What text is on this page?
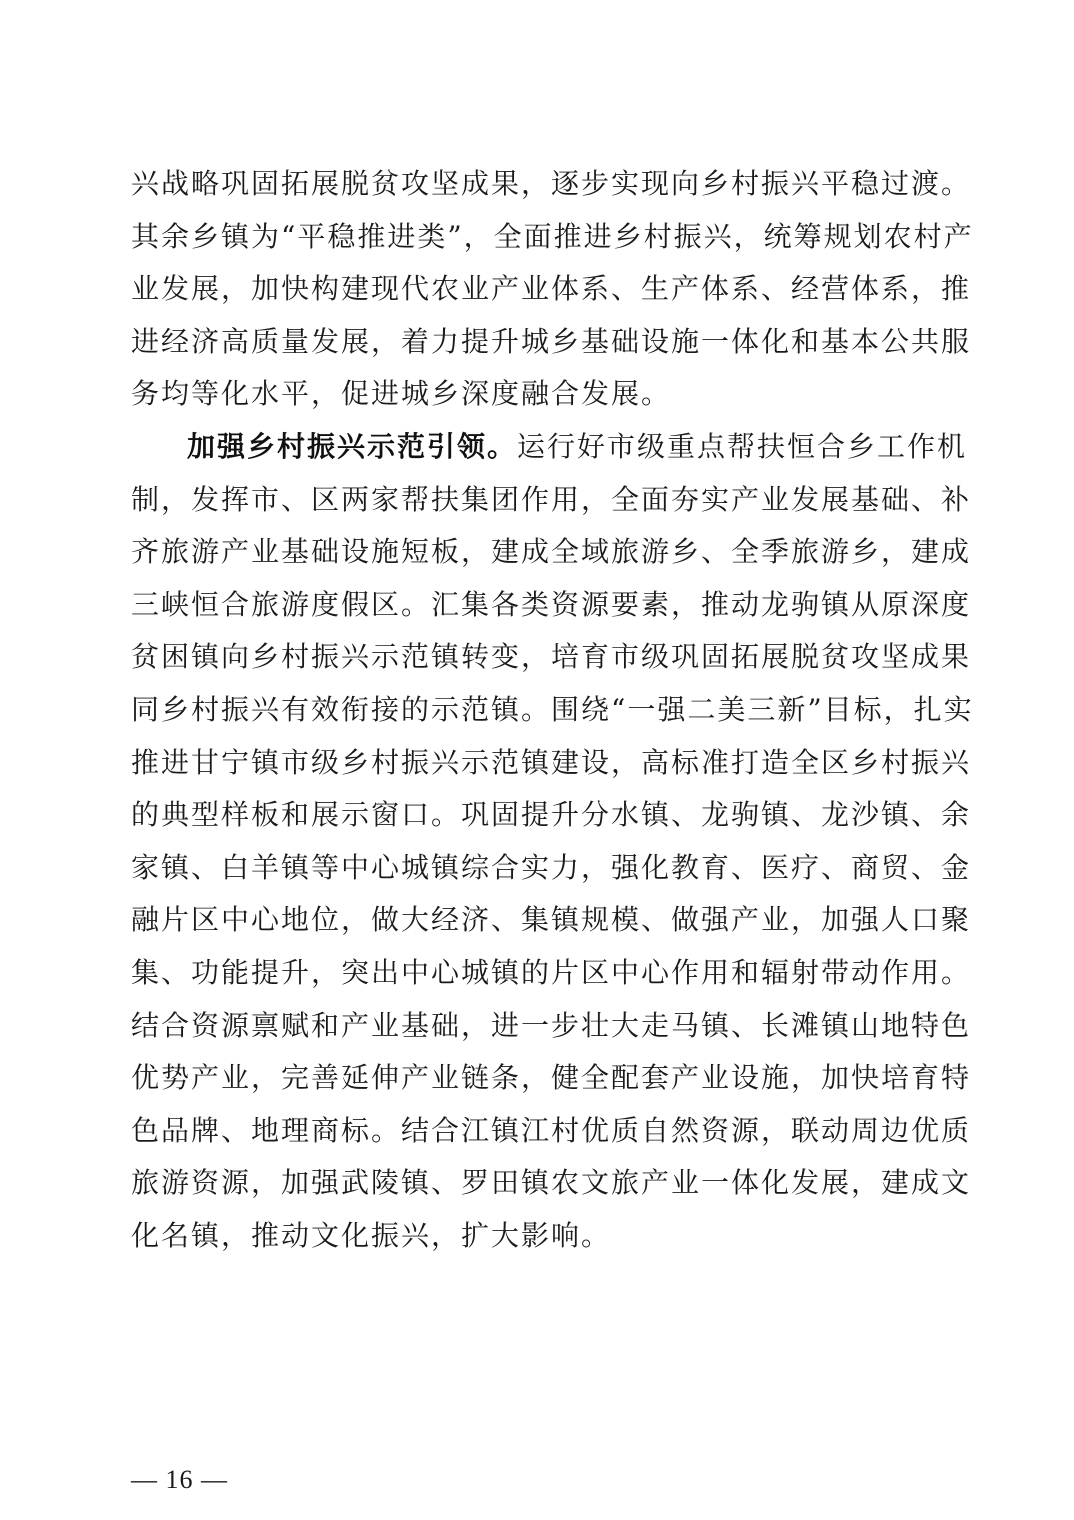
兴战略巩固拓展脱贫攻坚成果，逐步实现向乡村振兴平稳过渡。
其余乡镇为“平稳推进类”，全面推进乡村振兴，统筹规划农村产
业发展，加快构建现代农业产业体系、生产体系、经营体系，推
进经济高质量发展，着力提升城乡基础设施一体化和基本公共服
务均等化水平，促进城乡深度融合发展。
加强乡村振兴示范引领。运行好市级重点帮扶恒合乡工作机
制，发挥市、区两家帮扶集团作用，全面夯实产业发展基础、补
齐旅游产业基础设施短板，建成全域旅游乡、全季旅游乡，建成
三峡恒合旅游度假区。汇集各类资源要素，推动龙驹镇从原深度
贫困镇向乡村振兴示范镇转变，培育市级巩固拓展脱贫攻坚成果
同乡村振兴有效衔接的示范镇。围绕“一强二美三新”目标，扎实
推进甘宁镇市级乡村振兴示范镇建设，高标准打造全区乡村振兴
的典型样板和展示窗口。巩固提升分水镇、龙驹镇、龙沙镇、余
家镇、白羊镇等中心城镇综合实力，强化教育、医疗、商贸、金
融片区中心地位，做大经济、集镇规模、做强产业，加强人口聚
集、功能提升，突出中心城镇的片区中心作用和辐射带动作用。
结合资源禀赋和产业基础，进一步壮大走马镇、长滩镇山地特色
优势产业，完善延伸产业链条，健全配套产业设施，加快培育特
色品牌、地理商标。结合江镇江村优质自然资源，联动周边优质
旅游资源，加强武陵镇、罗田镇农文旅产业一体化发展，建成文
化名镇，推动文化振兴，扩大影响。
— 16 —
